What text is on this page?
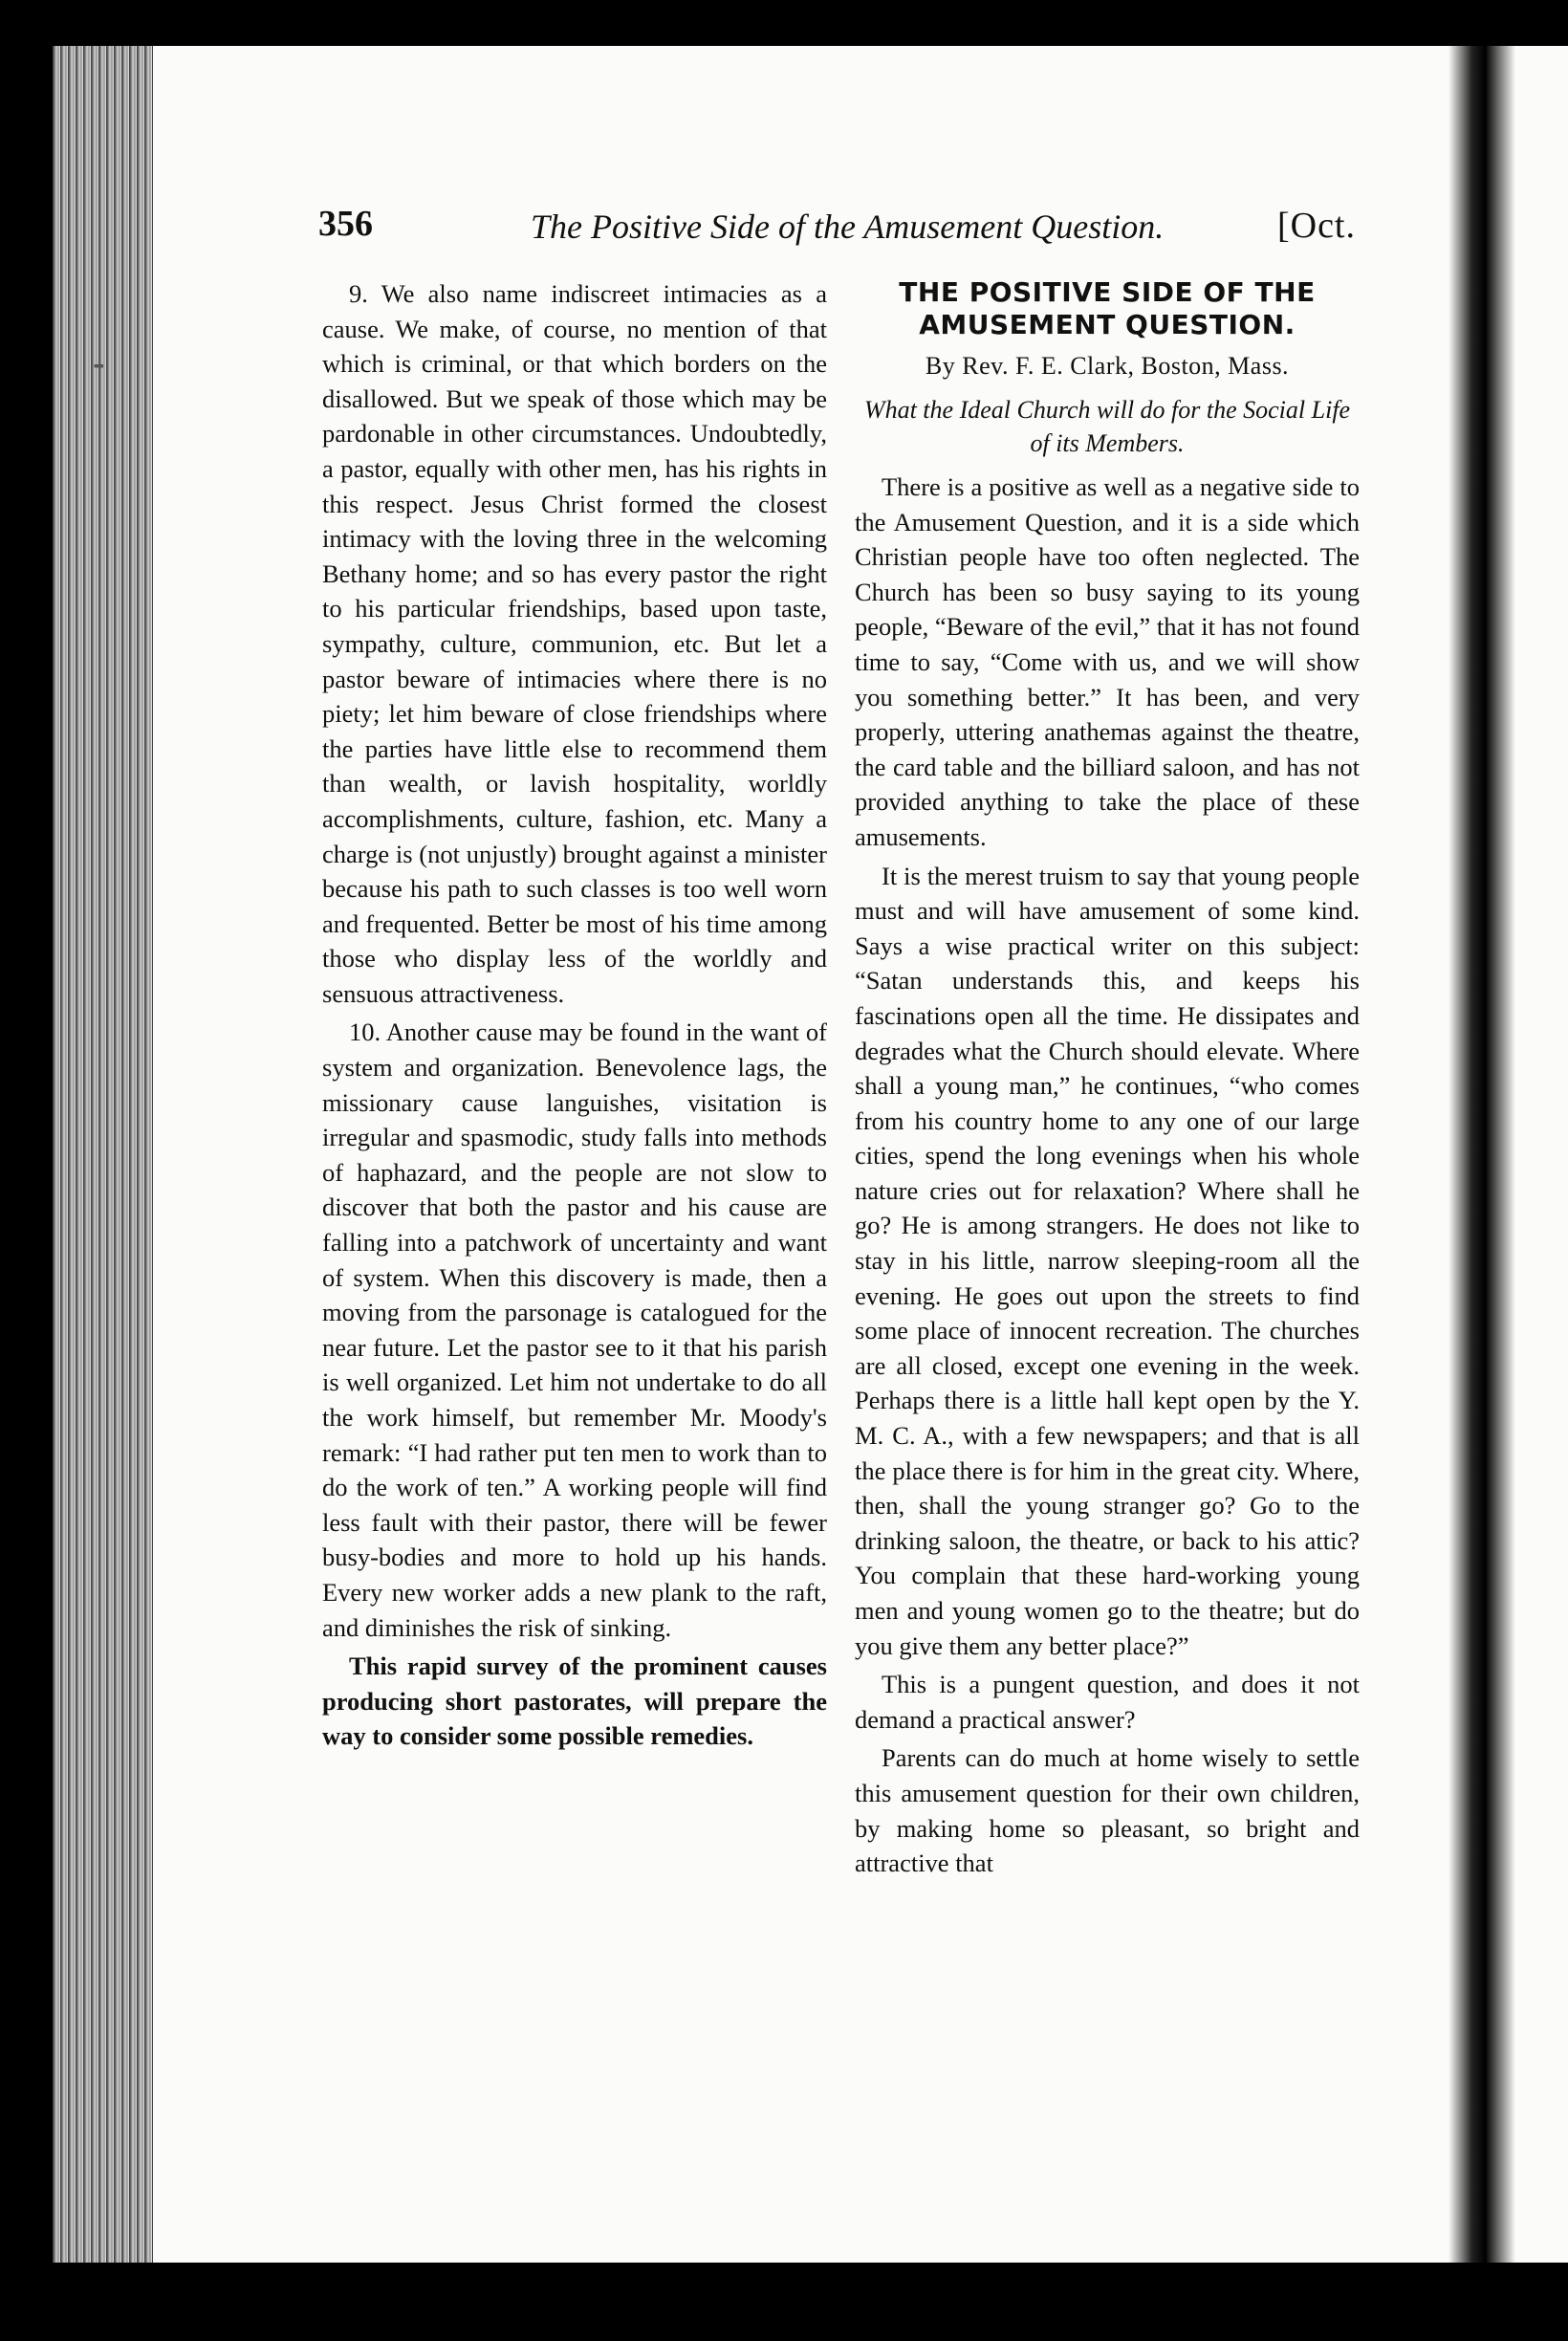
▪▪▪
356	The Positive Side of the Amusement Question.	[Oct.

9. We also name indiscreet intimacies as a cause. We make, of course, no mention of that which is criminal, or that which borders on the disallowed. But we speak of those which may be pardonable in other circumstances. Undoubtedly, a pastor, equally with other men, has his rights in this respect. Jesus Christ formed the closest intimacy with the loving three in the welcoming Bethany home; and so has every pastor the right to his particular friendships, based upon taste, sympathy, culture, communion, etc. But let a pastor beware of intimacies where there is no piety; let him beware of close friendships where the parties have little else to recommend them than wealth, or lavish hospitality, worldly accomplishments, culture, fashion, etc. Many a charge is (not unjustly) brought against a minister because his path to such classes is too well worn and frequented. Better be most of his time among those who display less of the worldly and sensuous attractiveness.

10. Another cause may be found in the want of system and organization. Benevolence lags, the missionary cause languishes, visitation is irregular and spasmodic, study falls into methods of haphazard, and the people are not slow to discover that both the pastor and his cause are falling into a patchwork of uncertainty and want of system. When this discovery is made, then a moving from the parsonage is catalogued for the near future. Let the pastor see to it that his parish is well organized. Let him not undertake to do all the work himself, but remember Mr. Moody's remark: “I had rather put ten men to work than to do the work of ten.” A working people will find less fault with their pastor, there will be fewer busy-bodies and more to hold up his hands. Every new worker adds a new plank to the raft, and diminishes the risk of sinking.

This rapid survey of the prominent causes producing short pastorates, will prepare the way to consider some possible remedies.

THE POSITIVE SIDE OF THE AMUSEMENT QUESTION.
By Rev. F. E. Clark, Boston, Mass.
What the Ideal Church will do for the Social Life of its Members.

There is a positive as well as a negative side to the Amusement Question, and it is a side which Christian people have too often neglected. The Church has been so busy saying to its young people, “Beware of the evil,” that it has not found time to say, “Come with us, and we will show you something better.” It has been, and very properly, uttering anathemas against the theatre, the card table and the billiard saloon, and has not provided anything to take the place of these amusements.

It is the merest truism to say that young people must and will have amusement of some kind. Says a wise practical writer on this subject: “Satan understands this, and keeps his fascinations open all the time. He dissipates and degrades what the Church should elevate. Where shall a young man,” he continues, “who comes from his country home to any one of our large cities, spend the long evenings when his whole nature cries out for relaxation? Where shall he go? He is among strangers. He does not like to stay in his little, narrow sleeping-room all the evening. He goes out upon the streets to find some place of innocent recreation. The churches are all closed, except one evening in the week. Perhaps there is a little hall kept open by the Y. M. C. A., with a few newspapers; and that is all the place there is for him in the great city. Where, then, shall the young stranger go? Go to the drinking saloon, the theatre, or back to his attic? You complain that these hard-working young men and young women go to the theatre; but do you give them any better place?”

This is a pungent question, and does it not demand a practical answer?

Parents can do much at home wisely to settle this amusement question for their own children, by making home so pleasant, so bright and attractive that
